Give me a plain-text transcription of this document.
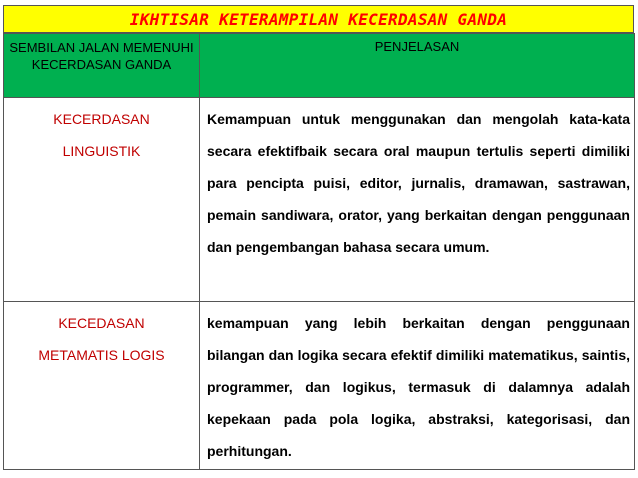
IKHTISAR KETERAMPILAN KECERDASAN GANDA
SEMBILAN JALAN MEMENUHI KECERDASAN GANDA	PENJELASAN

KECERDASAN
LINGUISTIK	Kemampuan untuk menggunakan dan mengolah kata-kata secara efektifbaik secara oral maupun tertulis seperti dimiliki para pencipta puisi, editor, jurnalis, dramawan, sastrawan, pemain sandiwara, orator, yang berkaitan dengan penggunaan dan pengembangan bahasa secara umum.

KECEDASAN
METAMATIS LOGIS	kemampuan yang lebih berkaitan dengan penggunaan bilangan dan logika secara efektif dimiliki matematikus, saintis, programmer, dan logikus, termasuk di dalamnya adalah kepekaan pada pola logika, abstraksi, kategorisasi, dan perhitungan.
